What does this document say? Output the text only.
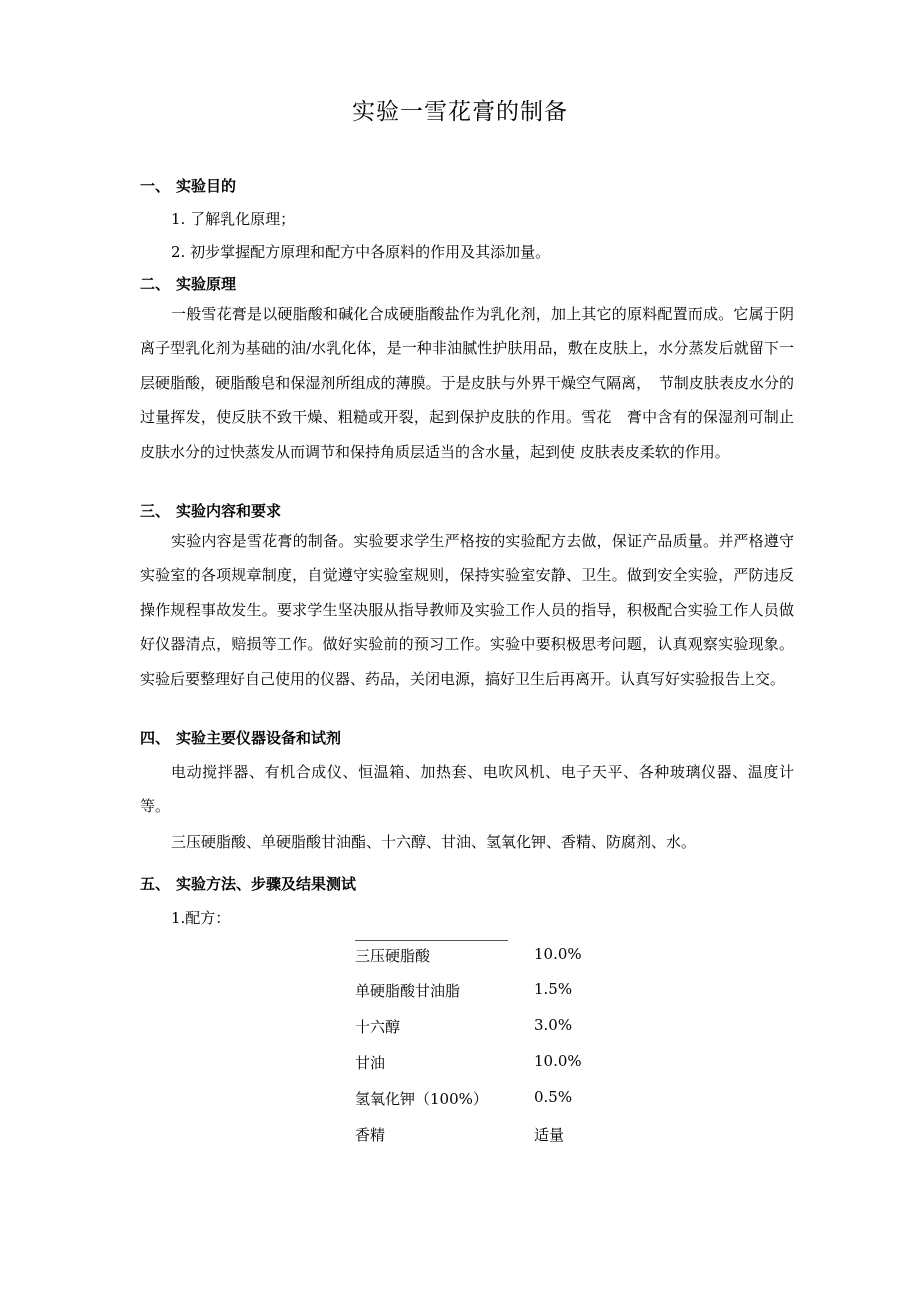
实验一雪花膏的制备
一、 实验目的
1. 了解乳化原理；
2. 初步掌握配方原理和配方中各原料的作用及其添加量。
二、 实验原理
一般雪花膏是以硬脂酸和碱化合成硬脂酸盐作为乳化剂，加上其它的原料配置而成。它属于阴离子型乳化剂为基础的油/水乳化体，是一种非油腻性护肤用品，敷在皮肤上，水分蒸发后就留下一层硬脂酸，硬脂酸皂和保湿剂所组成的薄膜。于是皮肤与外界干燥空气隔离，　节制皮肤表皮水分的过量挥发，使反肤不致干燥、粗糙或开裂，起到保护皮肤的作用。雪花　膏中含有的保湿剂可制止皮肤水分的过快蒸发从而调节和保持角质层适当的含水量，起到使 皮肤表皮柔软的作用。
三、 实验内容和要求
实验内容是雪花膏的制备。实验要求学生严格按的实验配方去做，保证产品质量。并严格遵守实验室的各项规章制度，自觉遵守实验室规则，保持实验室安静、卫生。做到安全实验，严防违反操作规程事故发生。要求学生坚决服从指导教师及实验工作人员的指导，积极配合实验工作人员做好仪器清点，赔损等工作。做好实验前的预习工作。实验中要积极思考问题，认真观察实验现象。实验后要整理好自己使用的仪器、药品，关闭电源，搞好卫生后再离开。认真写好实验报告上交。
四、 实验主要仪器设备和试剂
电动搅拌器、有机合成仪、恒温箱、加热套、电吹风机、电子天平、各种玻璃仪器、温度计等。
三压硬脂酸、单硬脂酸甘油酯、十六醇、甘油、氢氧化钾、香精、防腐剂、水。
五、 实验方法、步骤及结果测试
1.配方：
三压硬脂酸	10.0%
单硬脂酸甘油脂	1.5%
十六醇	3.0%
甘油	10.0%
氢氧化钾（100%）	0.5%
香精	适量
